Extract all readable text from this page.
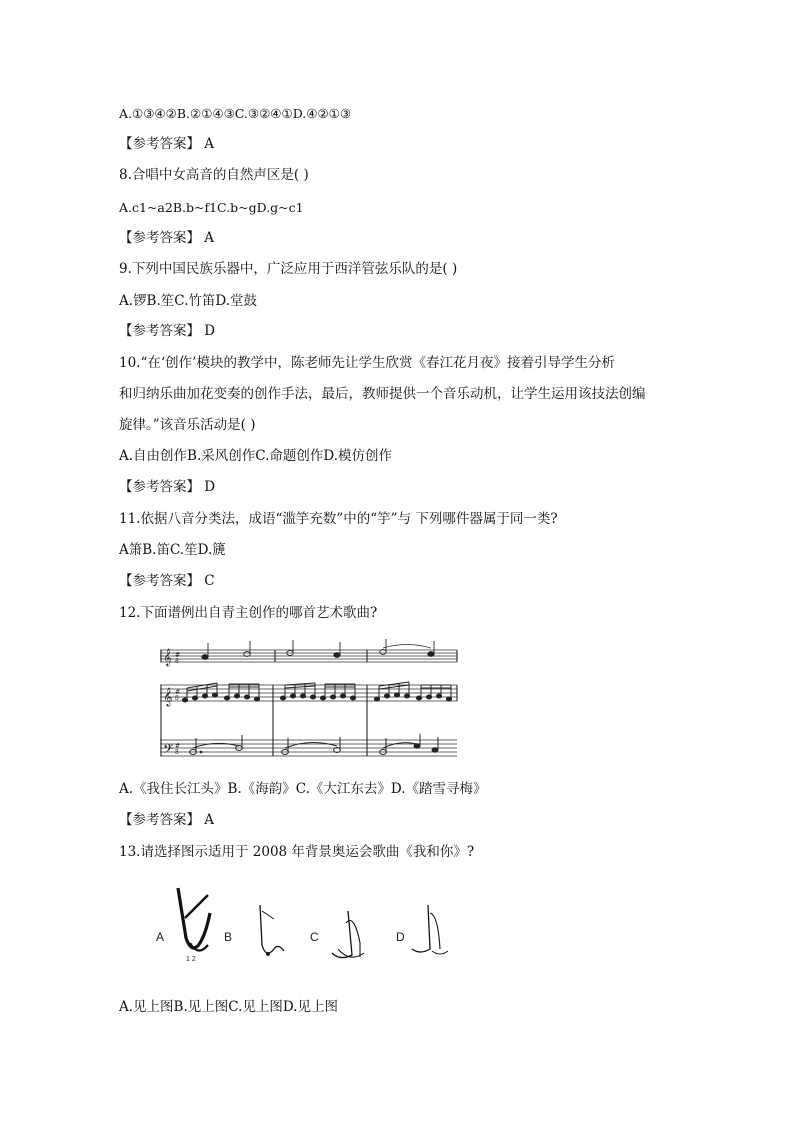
A.①③④②B.②①④③C.③②④①D.④②①③
【参考答案】 A
8.合唱中女高音的自然声区是( )
A.c1~a2B.b~f1C.b~gD.g~c1
【参考答案】 A
9.下列中国民族乐器中，广泛应用于西洋管弦乐队的是( )
A.锣B.笙C.竹笛D.堂鼓
【参考答案】 D
10.“在‘创作’模块的教学中，陈老师先让学生欣赏《春江花月夜》接着引导学生分析
和归纳乐曲加花变奏的创作手法，最后，教师提供一个音乐动机，让学生运用该技法创编
旋律。”该音乐活动是( )
A.自由创作B.采风创作C.命题创作D.模仿创作
【参考答案】 D
11.依据八音分类法，成语“滥竽充数”中的“竽”与 下列哪件器属于同一类?
A箫B.笛C.笙D.篪
【参考答案】 C
12.下面谱例出自青主创作的哪首艺术歌曲?
𝄞
𝄞
𝄢
#
8
#
8
#
8
A.《我住长江头》B.《海韵》C.《大江东去》D.《踏雪寻梅》
【参考答案】 A
13.请选择图示适用于 2008 年背景奥运会歌曲《我和你》?
A	B	C	D
1 2
A.见上图B.见上图C.见上图D.见上图
